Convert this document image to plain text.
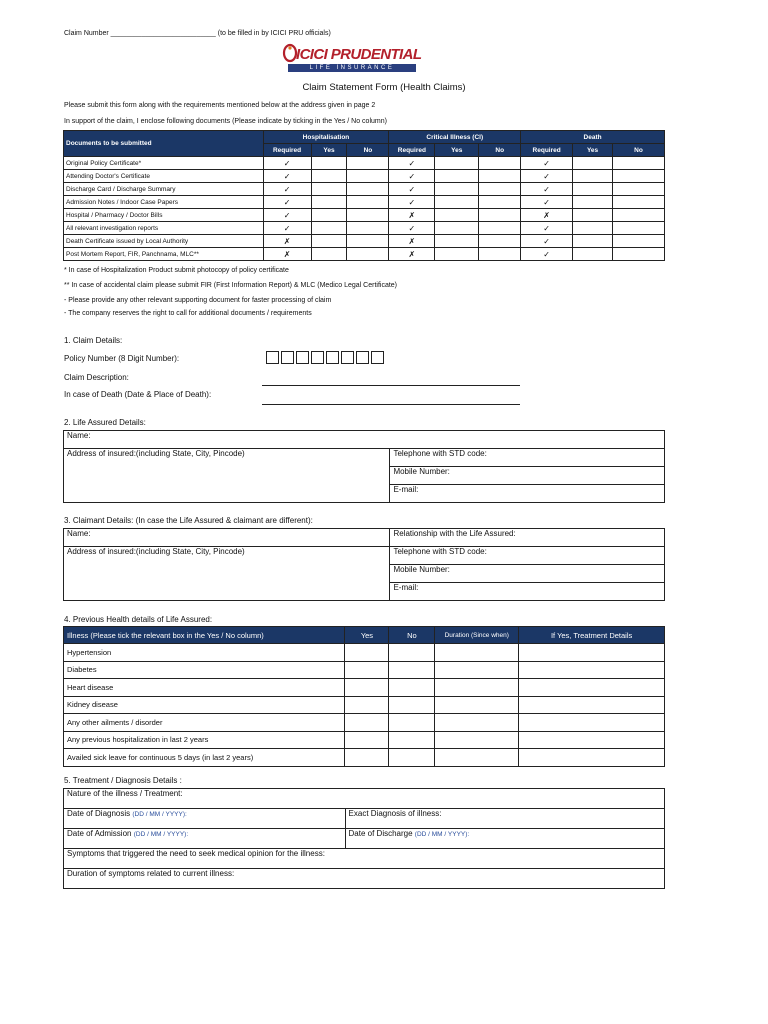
Claim Number ___________________________ (to be filled in by ICICI PRU officials)
ICICI PRUDENTIAL
LIFE INSURANCE
Claim Statement Form (Health Claims)
Please submit this form along with the requirements mentioned below at the address given in page 2
In support of the claim, I enclose following documents (Please indicate by ticking in the Yes / No column)
Documents to be submitted	Hospitalisation			Critical Illness (CI)			Death		
	Required	Yes	No	Required	Yes	No	Required	Yes	No
Original Policy Certificate*	✓			✓			✓		
Attending Doctor's Certificate	✓			✓			✓		
Discharge Card / Discharge Summary	✓			✓			✓		
Admission Notes / Indoor Case Papers	✓			✓			✓		
Hospital / Pharmacy / Doctor Bills	✓			✗			✗		
All relevant investigation reports	✓			✓			✓		
Death Certificate issued by Local Authority	✗			✗			✓		
Post Mortem Report, FIR, Panchnama, MLC**	✗			✗			✓		
* In case of Hospitalization Product submit photocopy of policy certificate
** In case of accidental claim please submit FIR (First Information Report) & MLC (Medico Legal Certificate)
- Please provide any other relevant supporting document for faster processing of claim
- The company reserves the right to call for additional documents / requirements
1. Claim Details:
Policy Number (8 Digit Number):
Claim Description:
In case of Death (Date & Place of Death):
2. Life Assured Details:
Name:
Address of insured:(including State, City, Pincode)	Telephone with STD code:
Mobile Number:
E-mail:
3. Claimant Details: (In case the Life Assured & claimant are different):
Name:	Relationship with the Life Assured:
Address of insured:(including State, City, Pincode)	Telephone with STD code:
	Mobile Number:
	E-mail:
4. Previous Health details of Life Assured:
Illness (Please tick the relevant box in the Yes / No column)	Yes	No	Duration (Since when)	If Yes, Treatment Details
Hypertension				
Diabetes				
Heart disease				
Kidney disease				
Any other ailments / disorder				
Any previous hospitalization in last 2 years				
Availed sick leave for continuous 5 days (in last 2 years)				
5. Treatment / Diagnosis Details :
Nature of the illness / Treatment:	
Date of Diagnosis (DD / MM / YYYY):	Exact Diagnosis of illness:
Date of Admission (DD / MM / YYYY):	Date of Discharge (DD / MM / YYYY):
Symptoms that triggered the need to seek medical opinion for the illness:	
Duration of symptoms related to current illness:	
